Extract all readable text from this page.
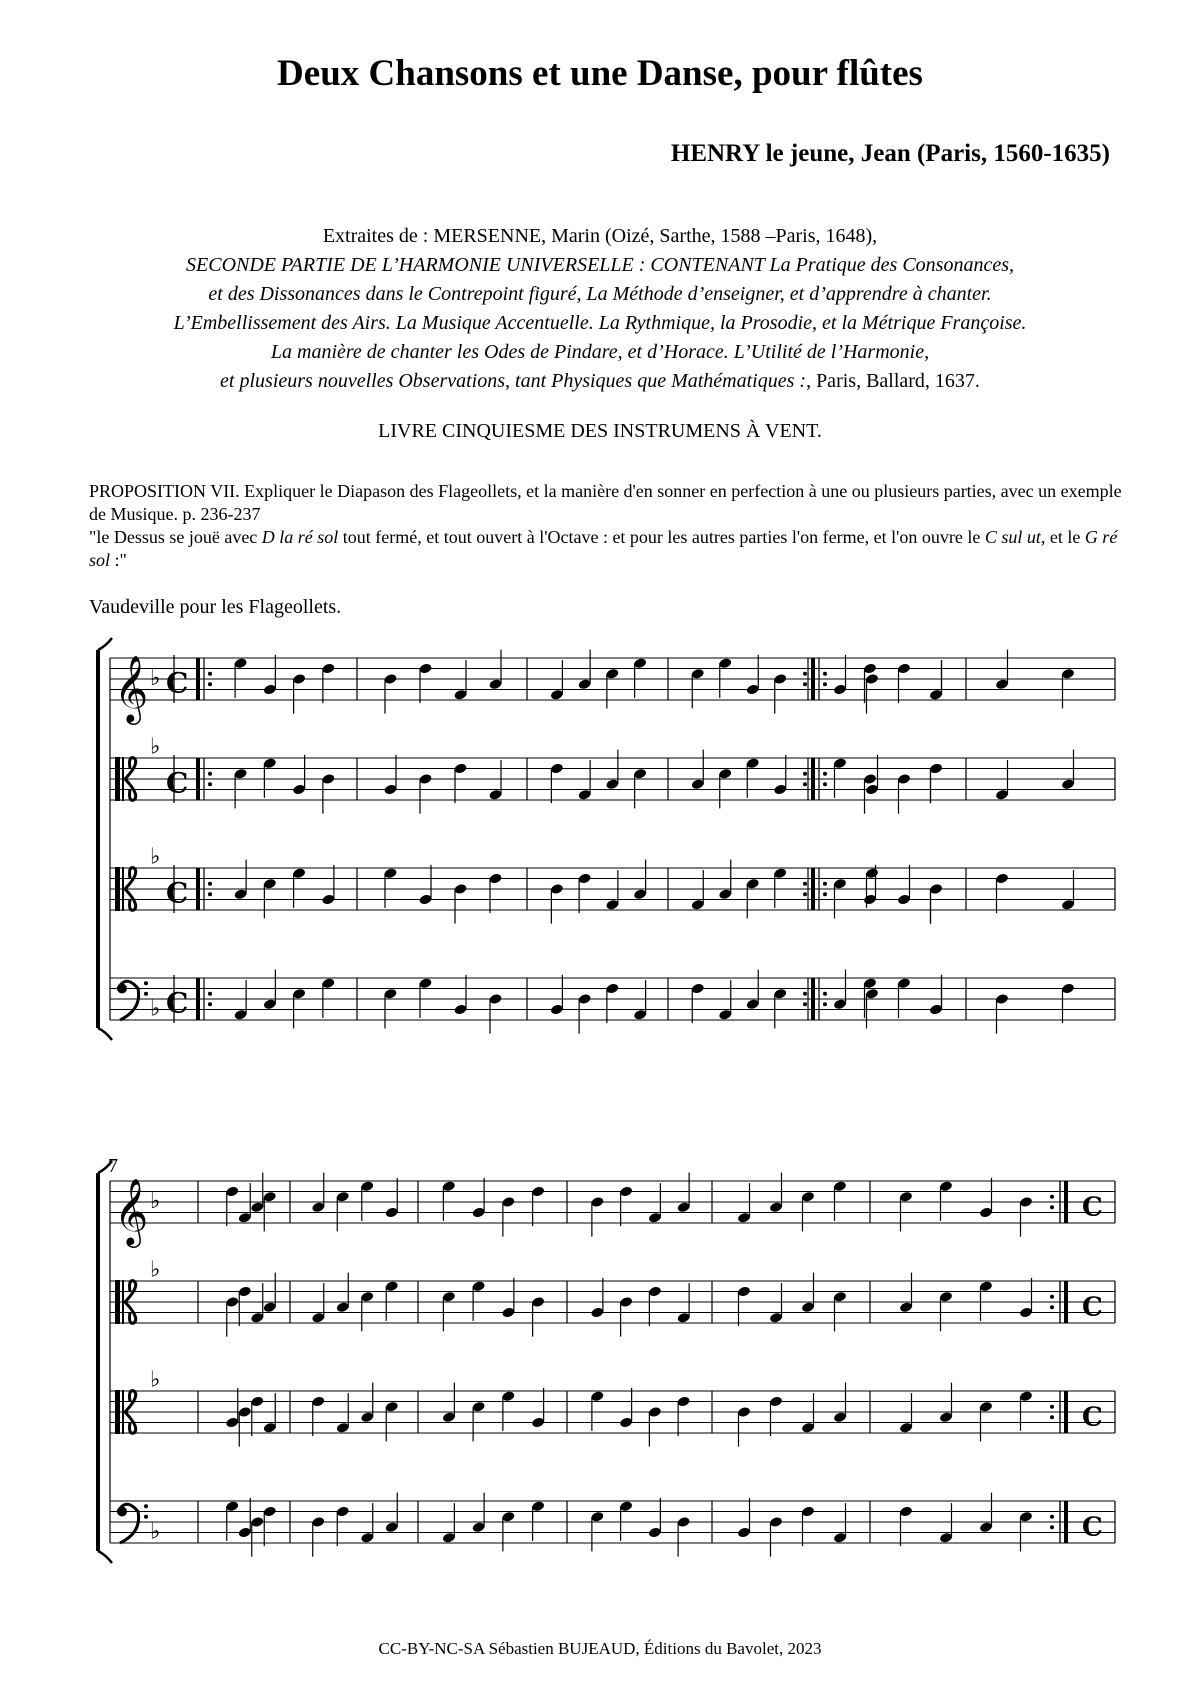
Deux Chansons et une Danse, pour flûtes
HENRY le jeune, Jean (Paris, 1560-1635)
Extraites de : MERSENNE, Marin (Oizé, Sarthe, 1588 –Paris, 1648),
SECONDE PARTIE DE L’HARMONIE UNIVERSELLE : CONTENANT La Pratique des Consonances,
et des Dissonances dans le Contrepoint figuré, La Méthode d’enseigner, et d’apprendre à chanter.
L’Embellissement des Airs. La Musique Accentuelle. La Rythmique, la Prosodie, et la Métrique Françoise.
La manière de chanter les Odes de Pindare, et d’Horace. L’Utilité de l’Harmonie,
et plusieurs nouvelles Observations, tant Physiques que Mathématiques :, Paris, Ballard, 1637.
LIVRE CINQUIESME DES INSTRUMENS À VENT.
PROPOSITION VII. Expliquer le Diapason des Flageollets, et la manière d'en sonner en perfection à une ou plusieurs parties, avec un exemple de Musique. p. 236-237
"le Dessus se jouë avec D la ré sol tout fermé, et tout ouvert à l'Octave : et pour les autres parties l'on ferme, et l'on ouvre le C sul ut, et le G ré sol :"
Vaudeville pour les Flageollets.
7
𝄞 ♭ C
♭
C
♭
C
♭ C
𝄞 ♭	C
♭
C
♭
C
♭	C
CC-BY-NC-SA Sébastien BUJEAUD, Éditions du Bavolet, 2023
